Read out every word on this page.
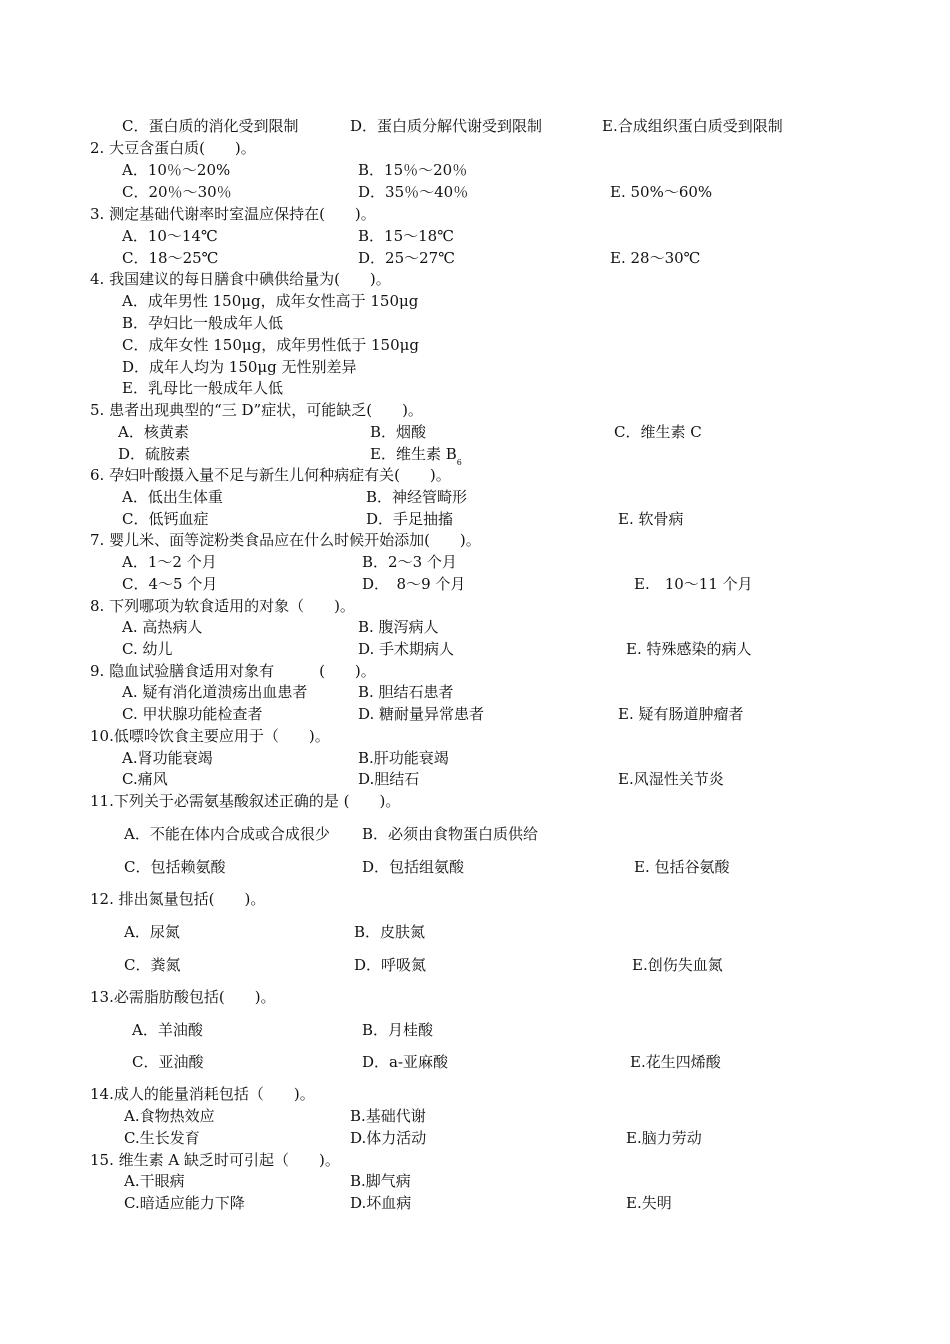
C．蛋白质的消化受到限制	D．蛋白质分解代谢受到限制	E.合成组织蛋白质受到限制
2. 大豆含蛋白质(　　)。
A．10％～20%	B．15％～20％
C．20％～30％	D．35％～40％	E. 50%～60%
3. 测定基础代谢率时室温应保持在(　　)。
A．10～14℃	B．15～18℃
C．18～25℃	D．25～27℃	E. 28～30℃
4. 我国建议的每日膳食中碘供给量为(　　)。
A．成年男性 150μg，成年女性高于 150μg
B．孕妇比一般成年人低
C．成年女性 150μg，成年男性低于 150μg
D．成年人均为 150μg 无性别差异
E．乳母比一般成年人低
5. 患者出现典型的“三 D”症状，可能缺乏(　　)。
A．核黄素	B．烟酸	C．维生素 C
D．硫胺素	E．维生素 $B_6$
6. 孕妇叶酸摄入量不足与新生儿何种病症有关(　　)。
A．低出生体重	B．神经管畸形
C．低钙血症	D．手足抽搐	E. 软骨病
7. 婴儿米、面等淀粉类食品应在什么时候开始添加(　　)。
A．1～2 个月	B．2～3 个月
C．4～5 个月	D．　8～9 个月	E.　10～11 个月
8. 下列哪项为软食适用的对象（　　)。
A. 高热病人	B. 腹泻病人
C. 幼儿	D. 手术期病人	E. 特殊感染的病人
9. 隐血试验膳食适用对象有　　　(　　)。
A. 疑有消化道溃疡出血患者	B. 胆结石患者
C. 甲状腺功能检查者	D. 糖耐量异常患者	E. 疑有肠道肿瘤者
10.低嘌呤饮食主要应用于（　　)。
A.肾功能衰竭	B.肝功能衰竭
C.痛风	D.胆结石	E.风湿性关节炎
11.下列关于必需氨基酸叙述正确的是 (　　)。
A．不能在体内合成或合成很少 B．必须由食物蛋白质供给
C．包括赖氨酸	D．包括组氨酸	E. 包括谷氨酸
12. 排出氮量包括(　　)。
A．尿氮	B．皮肤氮
C．粪氮	D．呼吸氮	E.创伤失血氮
13.必需脂肪酸包括(　　)。
A．羊油酸	B．月桂酸
C．亚油酸	D．a-亚麻酸	E.花生四烯酸
14.成人的能量消耗包括（　　)。
A.食物热效应	B.基础代谢
C.生长发育	D.体力活动	E.脑力劳动
15. 维生素 A 缺乏时可引起（　　)。
A.干眼病	B.脚气病
C.暗适应能力下降	D.坏血病	E.失明
